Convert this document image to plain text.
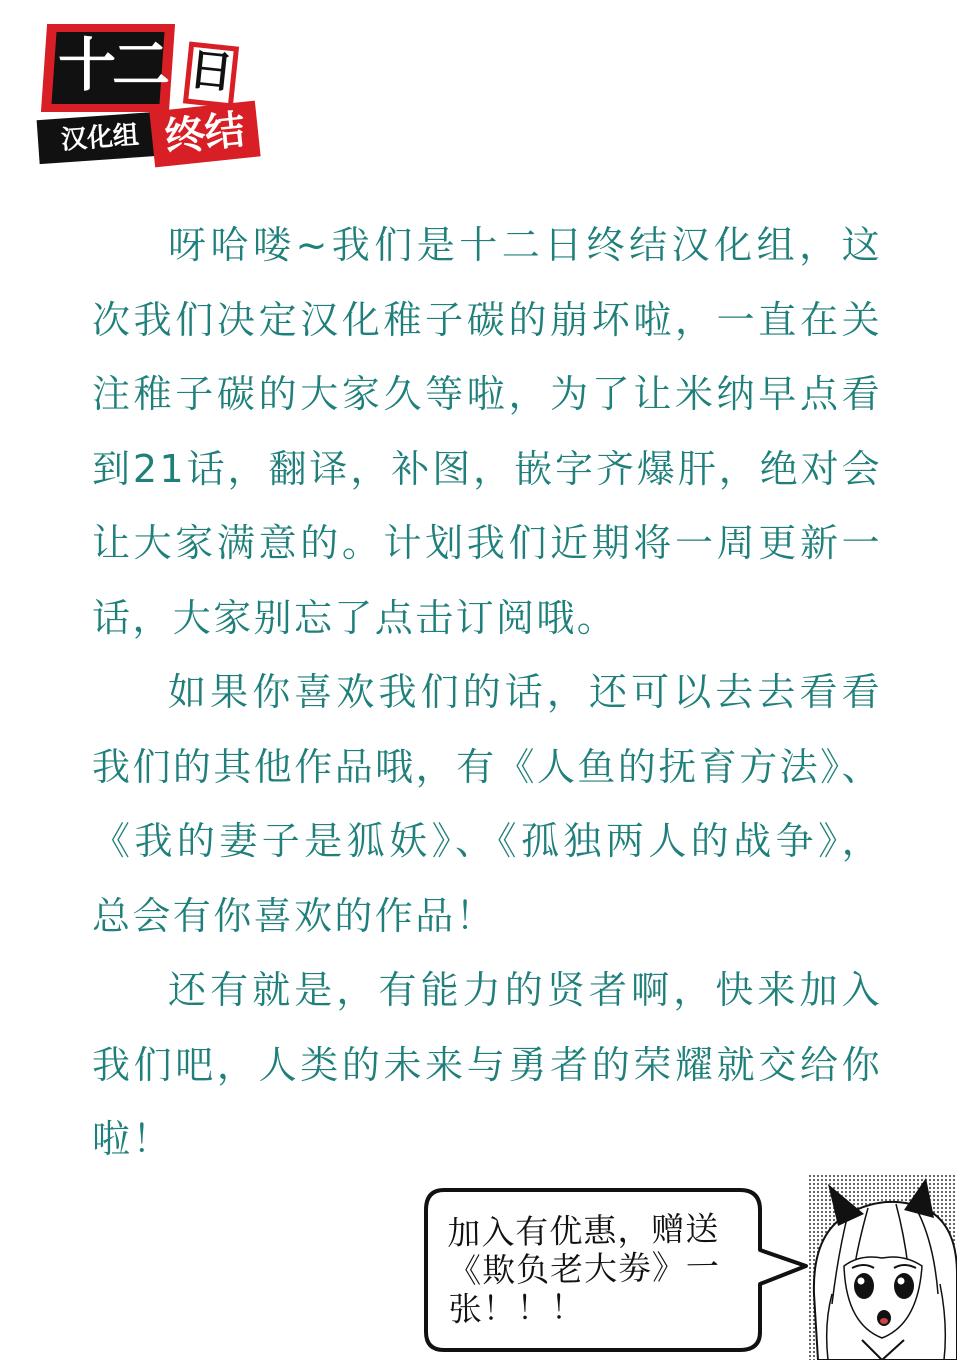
十二 日
汉化组 终结

呀哈喽~我们是十二日终结汉化组，这次我们决定汉化稚子碳的崩坏啦，一直在关注稚子碳的大家久等啦，为了让米纳早点看到21话，翻译，补图，嵌字齐爆肝，绝对会让大家满意的。计划我们近期将一周更新一话，大家别忘了点击订阅哦。

如果你喜欢我们的话，还可以去去看看我们的其他作品哦，有《人鱼的抚育方法》、《我的妻子是狐妖》、《孤独两人的战争》，总会有你喜欢的作品！

还有就是，有能力的贤者啊，快来加入我们吧，人类的未来与勇者的荣耀就交给你啦！

加入有优惠，赠送《欺负老大劵》一张！！！
